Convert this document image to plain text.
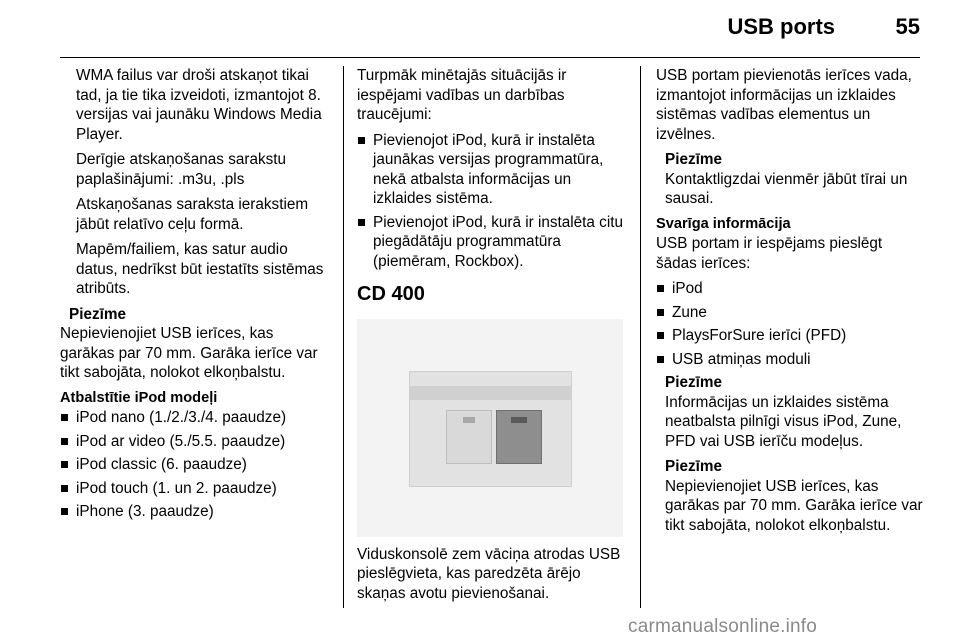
USB ports	55

WMA failus var droši atskaņot tikai tad, ja tie tika izveidoti, izmantojot 8. versijas vai jaunāku Windows Media Player.

Derīgie atskaņošanas sarakstu paplašinājumi: .m3u, .pls

Atskaņošanas saraksta ierakstiem jābūt relatīvo ceļu formā.

Mapēm/failiem, kas satur audio datus, nedrīkst būt iestatīts sistēmas atribūts.

Piezīme

Nepievienojiet USB ierīces, kas garākas par 70 mm. Garāka ierīce var tikt sabojāta, nolokot elkoņbalstu.

Atbalstītie iPod modeļi

iPod nano (1./2./3./4. paaudze)
iPod ar video (5./5.5. paaudze)
iPod classic (6. paaudze)
iPod touch (1. un 2. paaudze)
iPhone (3. paaudze)

Turpmāk minētajās situācijās ir iespējami vadības un darbības traucējumi:

Pievienojot iPod, kurā ir instalēta jaunākas versijas programmatūra, nekā atbalsta informācijas un izklaides sistēma.
Pievienojot iPod, kurā ir instalēta citu piegādātāju programmatūra (piemēram, Rockbox).
CD 400

Viduskonsolē zem vāciņa atrodas USB pieslēgvieta, kas paredzēta ārējo skaņas avotu pievienošanai.

USB portam pievienotās ierīces vada, izmantojot informācijas un izklaides sistēmas vadības elementus un izvēlnes.

Piezīme

Kontaktligzdai vienmēr jābūt tīrai un sausai.

Svarīga informācija

USB portam ir iespējams pieslēgt šādas ierīces:

iPod
Zune
PlaysForSure ierīci (PFD)
USB atmiņas moduli

Piezīme

Informācijas un izklaides sistēma neatbalsta pilnīgi visus iPod, Zune, PFD vai USB ierīču modeļus.

Piezīme

Nepievienojiet USB ierīces, kas garākas par 70 mm. Garāka ierīce var tikt sabojāta, nolokot elkoņbalstu.

carmanualsonline.info
